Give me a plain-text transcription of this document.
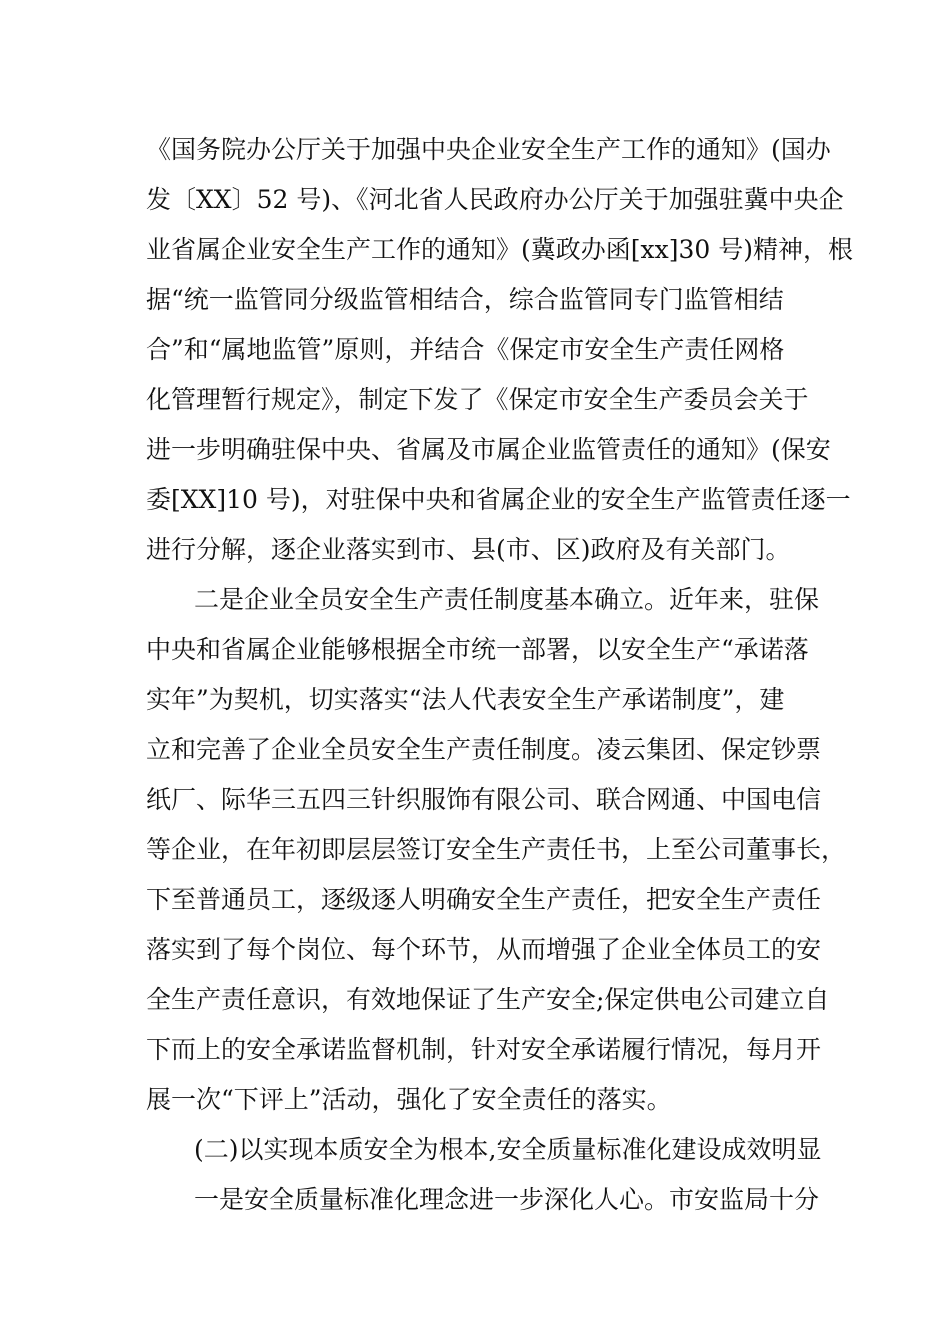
《国务院办公厅关于加强中央企业安全生产工作的通知》(国办
发〔XX〕52 号)、《河北省人民政府办公厅关于加强驻冀中央企
业省属企业安全生产工作的通知》(冀政办函[xx]30 号)精神，根
据“统一监管同分级监管相结合，综合监管同专门监管相结
合”和“属地监管”原则，并结合《保定市安全生产责任网格
化管理暂行规定》，制定下发了《保定市安全生产委员会关于
进一步明确驻保中央、省属及市属企业监管责任的通知》(保安
委[XX]10 号)，对驻保中央和省属企业的安全生产监管责任逐一
进行分解，逐企业落实到市、县(市、区)政府及有关部门。
二是企业全员安全生产责任制度基本确立。近年来，驻保
中央和省属企业能够根据全市统一部署，以安全生产“承诺落
实年”为契机，切实落实“法人代表安全生产承诺制度”，建
立和完善了企业全员安全生产责任制度。凌云集团、保定钞票
纸厂、际华三五四三针织服饰有限公司、联合网通、中国电信
等企业，在年初即层层签订安全生产责任书，上至公司董事长，
下至普通员工，逐级逐人明确安全生产责任，把安全生产责任
落实到了每个岗位、每个环节，从而增强了企业全体员工的安
全生产责任意识，有效地保证了生产安全;保定供电公司建立自
下而上的安全承诺监督机制，针对安全承诺履行情况，每月开
展一次“下评上”活动，强化了安全责任的落实。
(二)以实现本质安全为根本,安全质量标准化建设成效明显
一是安全质量标准化理念进一步深化人心。市安监局十分
